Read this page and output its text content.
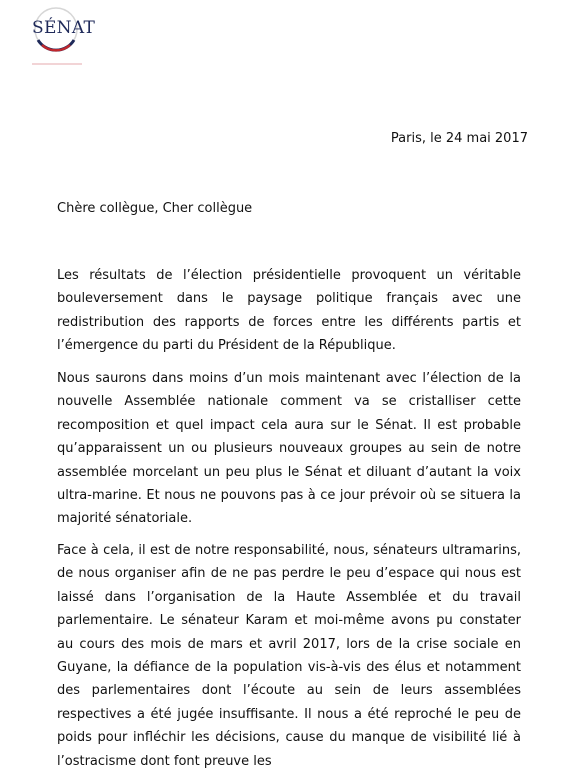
SÉNAT
Paris, le 24 mai 2017
Chère collègue, Cher collègue

Les résultats de l’élection présidentielle provoquent un véritable bouleversement dans le paysage politique français avec une redistribution des rapports de forces entre les différents partis et l’émergence du parti du Président de la République.

Nous saurons dans moins d’un mois maintenant avec l’élection de la nouvelle Assemblée nationale comment va se cristalliser cette recomposition et quel impact cela aura sur le Sénat. Il est probable qu’apparaissent un ou plusieurs nouveaux groupes au sein de notre assemblée morcelant un peu plus le Sénat et diluant d’autant la voix ultra-marine. Et nous ne pouvons pas à ce jour prévoir où se situera la majorité sénatoriale.

Face à cela, il est de notre responsabilité, nous, sénateurs ultramarins, de nous organiser afin de ne pas perdre le peu d’espace qui nous est laissé dans l’organisation de la Haute Assemblée et du travail parlementaire. Le sénateur Karam et moi-même avons pu constater au cours des mois de mars et avril 2017, lors de la crise sociale en Guyane, la défiance de la population vis-à-vis des élus et notamment des parlementaires dont l’écoute au sein de leurs assemblées respectives a été jugée insuffisante. Il nous a été reproché le peu de poids pour infléchir les décisions, cause du manque de visibilité lié à l’ostracisme dont font preuve les
